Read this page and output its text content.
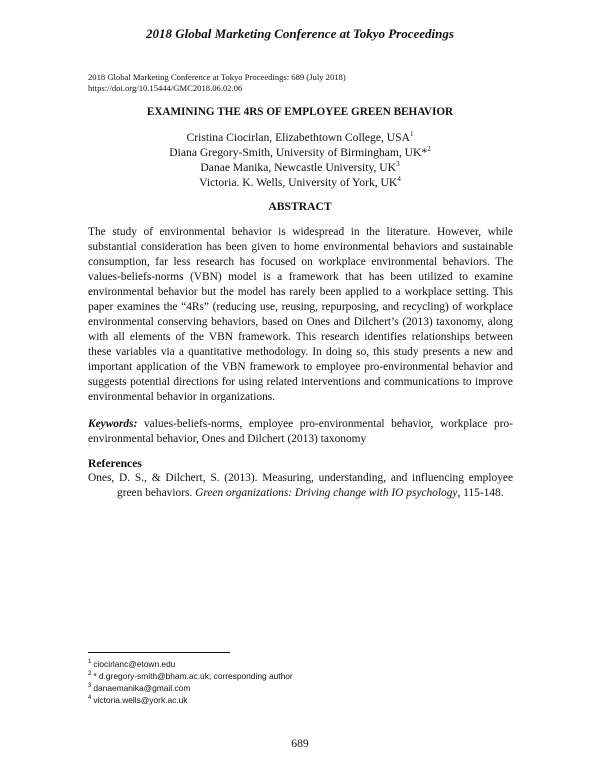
2018 Global Marketing Conference at Tokyo Proceedings
2018 Global Marketing Conference at Tokyo Proceedings: 689 (July 2018)
https://doi.org/10.15444/GMC2018.06.02.06
EXAMINING THE 4RS OF EMPLOYEE GREEN BEHAVIOR
Cristina Ciocirlan, Elizabethtown College, USA$^1$
Diana Gregory-Smith, University of Birmingham, UK*$^2$
Danae Manika, Newcastle University, $UK^3$
Victoria. K. Wells, University of York, $UK^4$
ABSTRACT

The study of environmental behavior is widespread in the literature. However, while substantial consideration has been given to home environmental behaviors and sustainable consumption, far less research has focused on workplace environmental behaviors. The values-beliefs-norms (VBN) model is a framework that has been utilized to examine environmental behavior but the model has rarely been applied to a workplace setting. This paper examines the “4Rs” (reducing use, reusing, repurposing, and recycling) of workplace environmental conserving behaviors, based on Ones and Dilchert’s (2013) taxonomy, along with all elements of the VBN framework. This research identifies relationships between these variables via a quantitative methodology. In doing so, this study presents a new and important application of the VBN framework to employee pro-environmental behavior and suggests potential directions for using related interventions and communications to improve environmental behavior in organizations.

Keywords: values-beliefs-norms, employee pro-environmental behavior, workplace pro-environmental behavior, Ones and Dilchert (2013) taxonomy

References

Ones, D. S., & Dilchert, S. (2013). Measuring, understanding, and influencing employee green behaviors. Green organizations: Driving change with IO psychology, 115-148.

$^1$ ciocirlanc@etown.edu
$^2$ * d.gregory-smith@bham.ac.uk; corresponding author
$^3$ danaemanika@gmail.com
$^4$ victoria.wells@york.ac.uk
689
